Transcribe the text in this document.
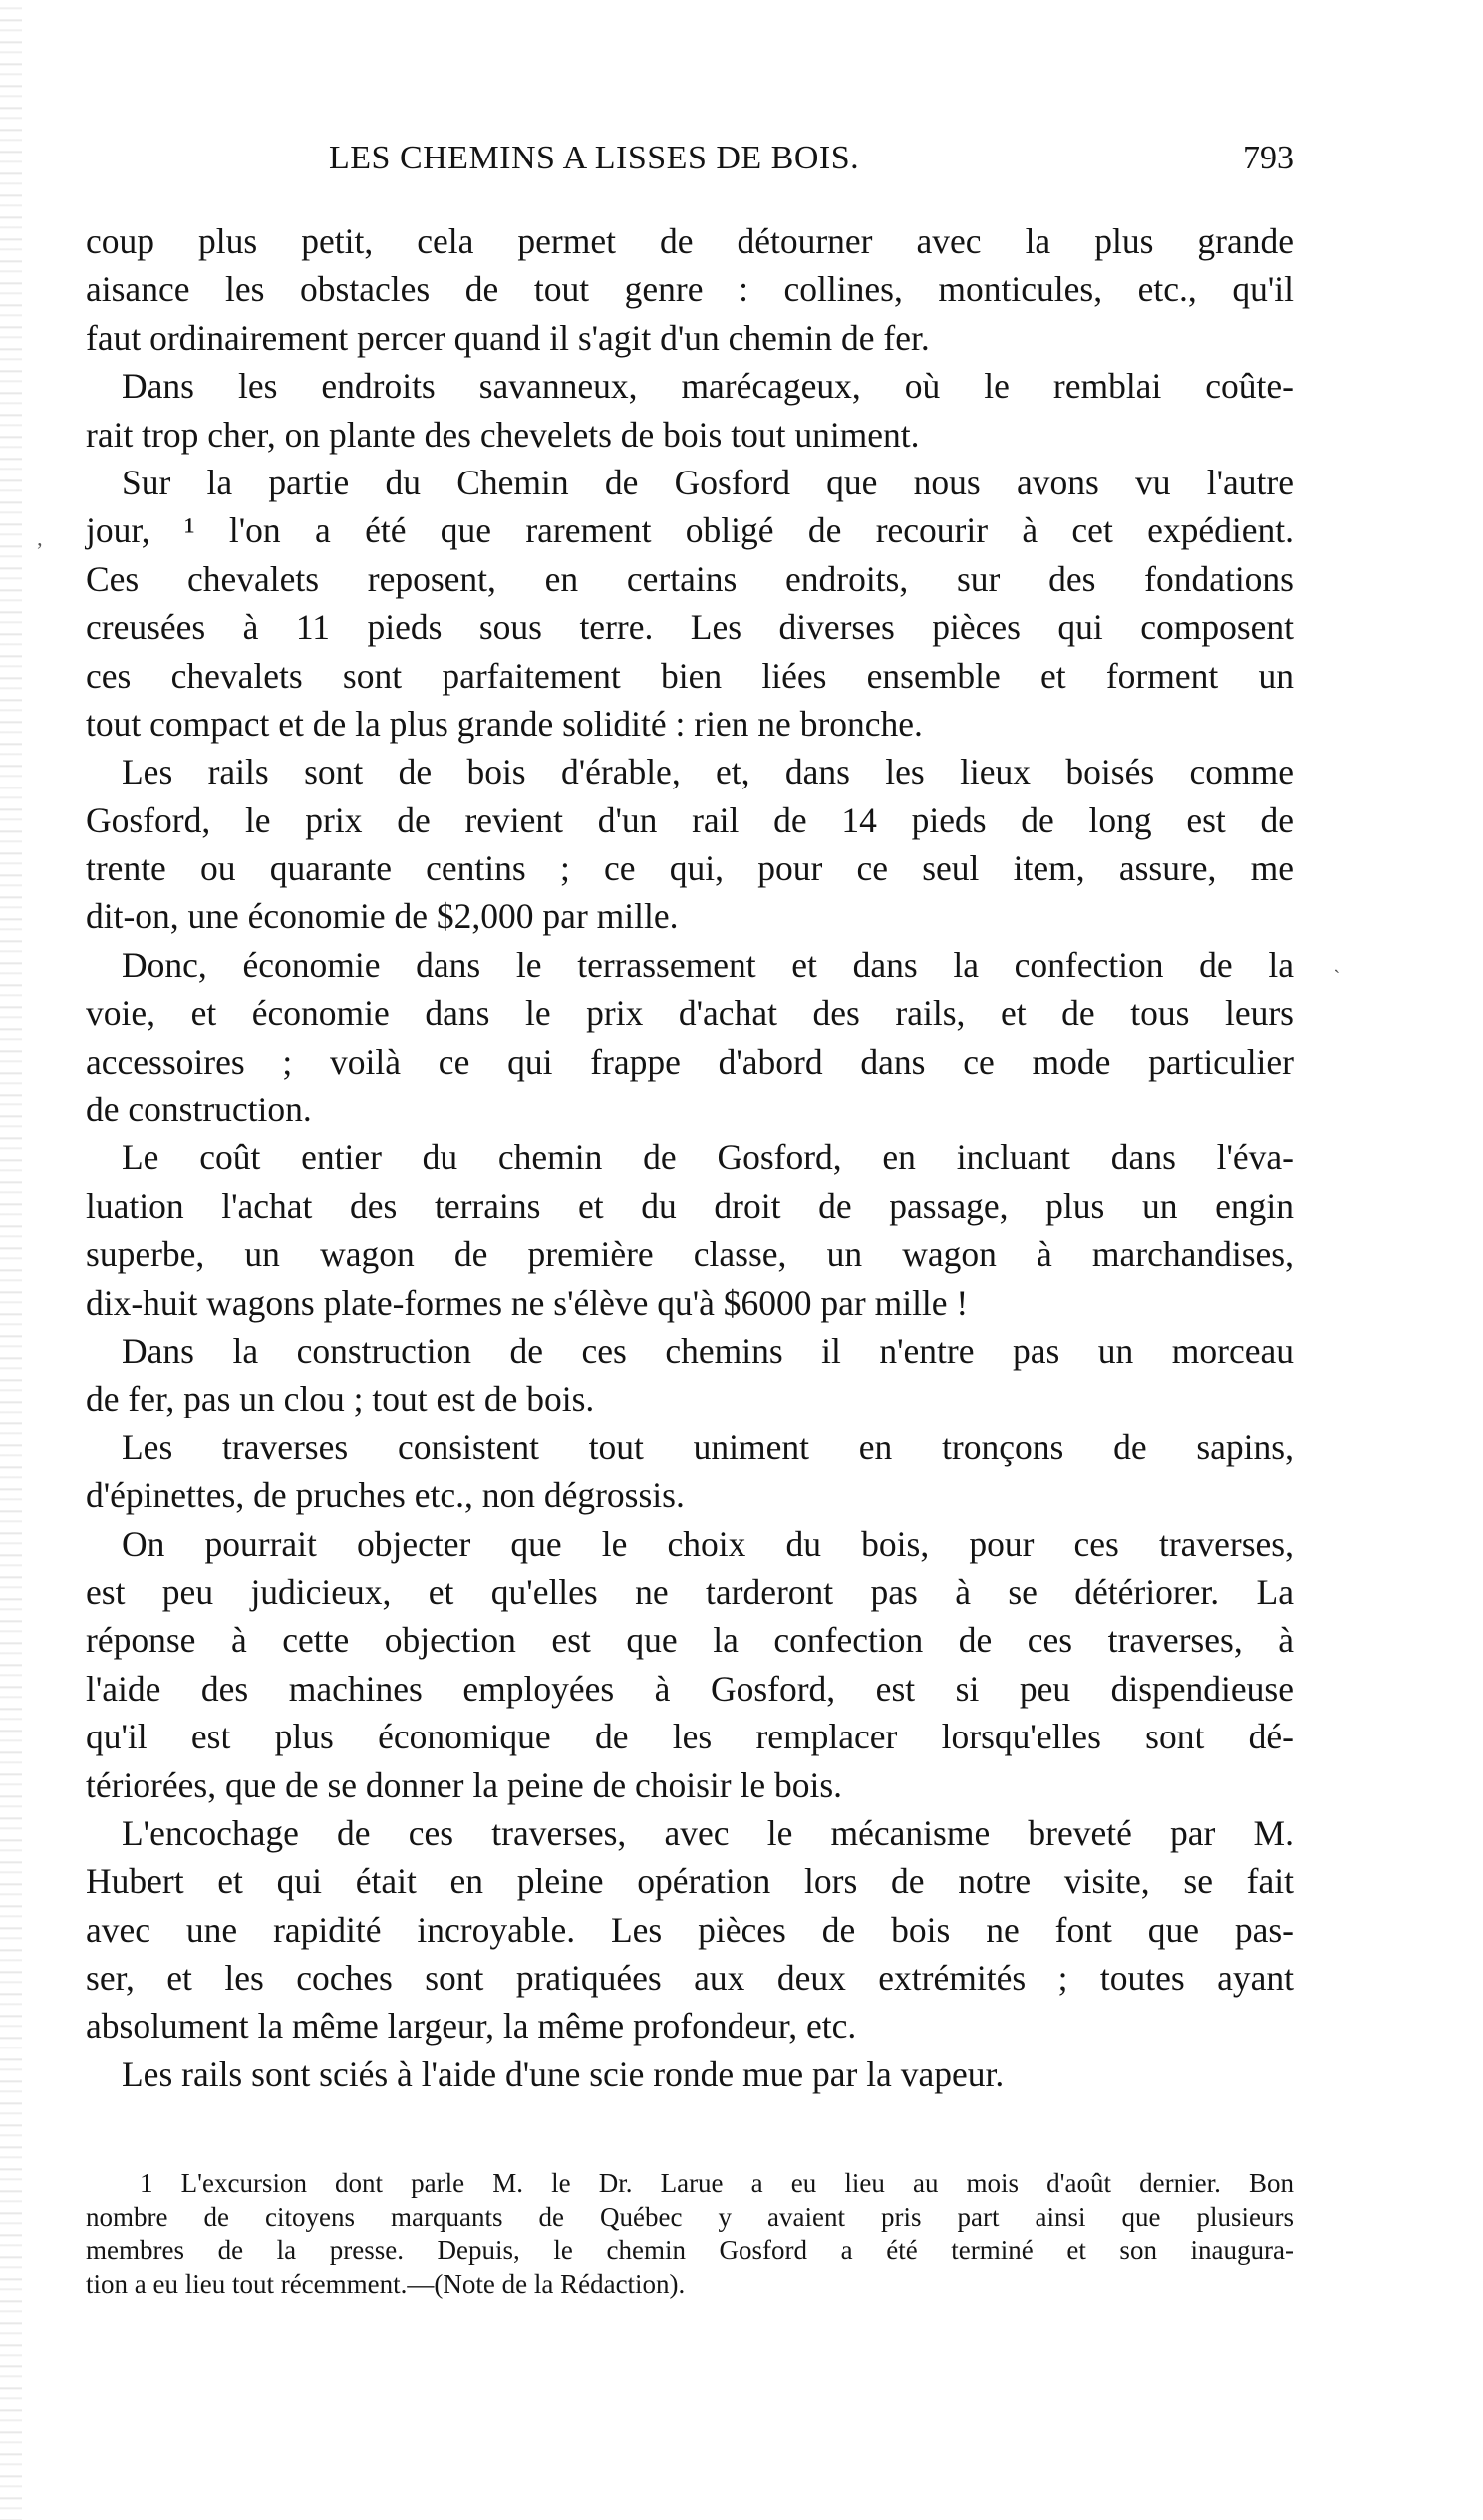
LES CHEMINS A LISSES DE BOIS.	793
ʼ
ˋ
coup plus petit, cela permet de détourner avec la plus grande
aisance les obstacles de tout genre : collines, monticules, etc., qu'il
faut ordinairement percer quand il s'agit d'un chemin de fer.
Dans les endroits savanneux, marécageux, où le remblai coûte-
rait trop cher, on plante des chevelets de bois tout uniment.
Sur la partie du Chemin de Gosford que nous avons vu l'autre
jour, ¹ l'on a été que rarement obligé de recourir à cet expédient.
Ces chevalets reposent, en certains endroits, sur des fondations
creusées à 11 pieds sous terre. Les diverses pièces qui composent
ces chevalets sont parfaitement bien liées ensemble et forment un
tout compact et de la plus grande solidité : rien ne bronche.
Les rails sont de bois d'érable, et, dans les lieux boisés comme
Gosford, le prix de revient d'un rail de 14 pieds de long est de
trente ou quarante centins ; ce qui, pour ce seul item, assure, me
dit-on, une économie de $2,000 par mille.
Donc, économie dans le terrassement et dans la confection de la
voie, et économie dans le prix d'achat des rails, et de tous leurs
accessoires ; voilà ce qui frappe d'abord dans ce mode particulier
de construction.
Le coût entier du chemin de Gosford, en incluant dans l'éva-
luation l'achat des terrains et du droit de passage, plus un engin
superbe, un wagon de première classe, un wagon à marchandises,
dix-huit wagons plate-formes ne s'élève qu'à $6000 par mille !
Dans la construction de ces chemins il n'entre pas un morceau
de fer, pas un clou ; tout est de bois.
Les traverses consistent tout uniment en tronçons de sapins,
d'épinettes, de pruches etc., non dégrossis.
On pourrait objecter que le choix du bois, pour ces traverses,
est peu judicieux, et qu'elles ne tarderont pas à se détériorer. La
réponse à cette objection est que la confection de ces traverses, à
l'aide des machines employées à Gosford, est si peu dispendieuse
qu'il est plus économique de les remplacer lorsqu'elles sont dé-
tériorées, que de se donner la peine de choisir le bois.
L'encochage de ces traverses, avec le mécanisme breveté par M.
Hubert et qui était en pleine opération lors de notre visite, se fait
avec une rapidité incroyable. Les pièces de bois ne font que pas-
ser, et les coches sont pratiquées aux deux extrémités ; toutes ayant
absolument la même largeur, la même profondeur, etc.
Les rails sont sciés à l'aide d'une scie ronde mue par la vapeur.
1 L'excursion dont parle M. le Dr. Larue a eu lieu au mois d'août dernier. Bon
nombre de citoyens marquants de Québec y avaient pris part ainsi que plusieurs
membres de la presse. Depuis, le chemin Gosford a été terminé et son inaugura-
tion a eu lieu tout récemment.—(Note de la Rédaction).
